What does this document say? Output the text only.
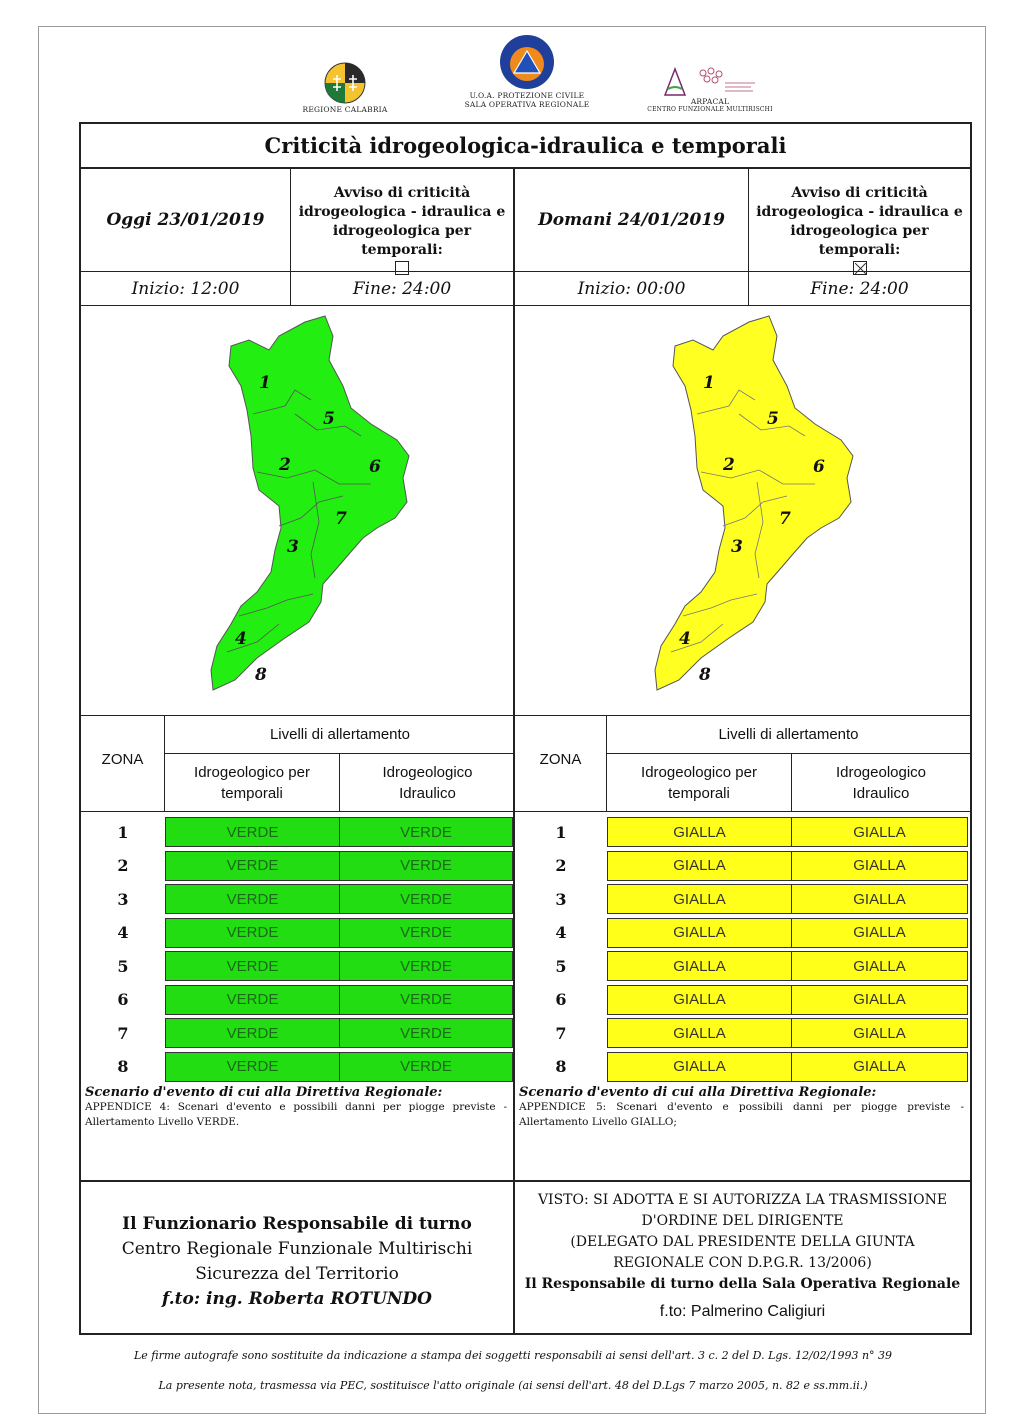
REGIONE CALABRIA
U.O.A. PROTEZIONE CIVILE
SALA OPERATIVA REGIONALE	ARPACAL
CENTRO FUNZIONALE MULTIRISCHI
Criticità idrogeologica-idraulica e temporali
Oggi 23/01/2019
Avviso di criticità
idrogeologica - idraulica e
idrogeologica per temporali:
Inizio: 12:00	Fine: 24:00
1
2
3
4
5
6
7
8
ZONA
Livelli di allertamento
Idrogeologico per
temporali
Idrogeologico
Idraulico
1	VERDE	VERDE
2	VERDE	VERDE
3	VERDE	VERDE
4	VERDE	VERDE
5	VERDE	VERDE
6	VERDE	VERDE
7	VERDE	VERDE
8	VERDE	VERDE
Scenario d'evento di cui alla Direttiva Regionale:
APPENDICE 4: Scenari d'evento e possibili danni per piogge previste - Allertamento Livello VERDE.
Domani 24/01/2019
Avviso di criticità
idrogeologica - idraulica e
idrogeologica per temporali:
Inizio: 00:00	Fine: 24:00
1
2
3
4
5
6
7
8
ZONA
Livelli di allertamento
Idrogeologico per
temporali
Idrogeologico
Idraulico
1	GIALLA	GIALLA
2	GIALLA	GIALLA
3	GIALLA	GIALLA
4	GIALLA	GIALLA
5	GIALLA	GIALLA
6	GIALLA	GIALLA
7	GIALLA	GIALLA
8	GIALLA	GIALLA
Scenario d'evento di cui alla Direttiva Regionale:
APPENDICE 5: Scenari d'evento e possibili danni per piogge previste - Allertamento Livello GIALLO;
Il Funzionario Responsabile di turno
Centro Regionale Funzionale Multirischi
Sicurezza del Territorio
f.to: ing. Roberta ROTUNDO
VISTO: SI ADOTTA E SI AUTORIZZA LA TRASMISSIONE
D'ORDINE DEL DIRIGENTE
(DELEGATO DAL PRESIDENTE DELLA GIUNTA
REGIONALE CON D.P.G.R. 13/2006)
Il Responsabile di turno della Sala Operativa Regionale
f.to: Palmerino Caligiuri
Le firme autografe sono sostituite da indicazione a stampa dei soggetti responsabili ai sensi dell'art. 3 c. 2 del D. Lgs. 12/02/1993 n° 39
La presente nota, trasmessa via PEC, sostituisce l'atto originale (ai sensi dell'art. 48 del D.Lgs 7 marzo 2005, n. 82 e ss.mm.ii.)
